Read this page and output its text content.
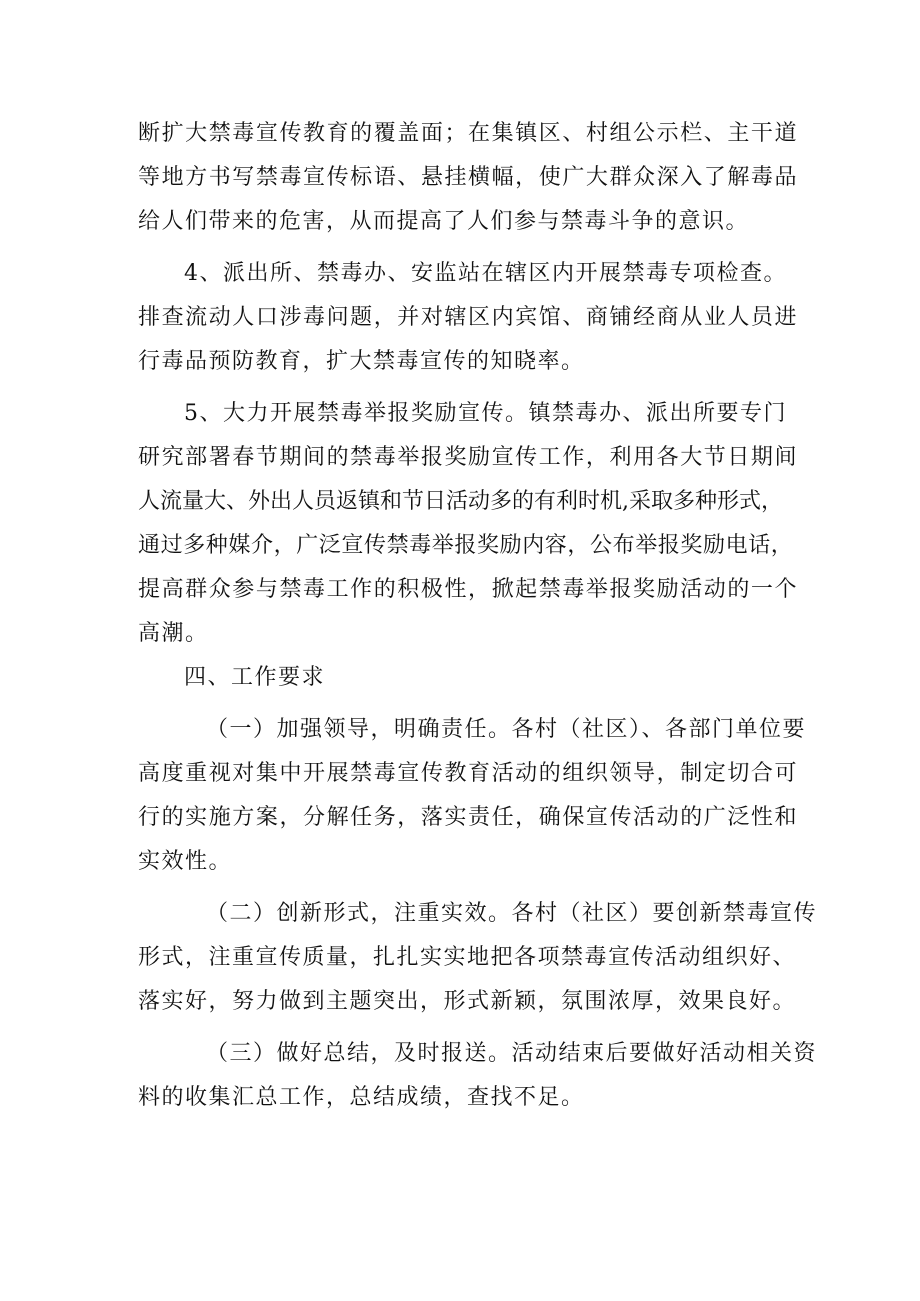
断扩大禁毒宣传教育的覆盖面；在集镇区、村组公示栏、主干道
等地方书写禁毒宣传标语、悬挂横幅，使广大群众深入了解毒品
给人们带来的危害，从而提高了人们参与禁毒斗争的意识。
4、派出所、禁毒办、安监站在辖区内开展禁毒专项检查。
排查流动人口涉毒问题，并对辖区内宾馆、商铺经商从业人员进
行毒品预防教育，扩大禁毒宣传的知晓率。
5、大力开展禁毒举报奖励宣传。镇禁毒办、派出所要专门
研究部署春节期间的禁毒举报奖励宣传工作，利用各大节日期间
人流量大、外出人员返镇和节日活动多的有利时机,采取多种形式，
通过多种媒介，广泛宣传禁毒举报奖励内容，公布举报奖励电话，
提高群众参与禁毒工作的积极性，掀起禁毒举报奖励活动的一个
高潮。
四、工作要求
（一）加强领导，明确责任。各村（社区）、各部门单位要
高度重视对集中开展禁毒宣传教育活动的组织领导，制定切合可
行的实施方案，分解任务，落实责任，确保宣传活动的广泛性和
实效性。
（二）创新形式，注重实效。各村（社区）要创新禁毒宣传
形式，注重宣传质量，扎扎实实地把各项禁毒宣传活动组织好、
落实好，努力做到主题突出，形式新颖，氛围浓厚，效果良好。
（三）做好总结，及时报送。活动结束后要做好活动相关资
料的收集汇总工作，总结成绩，查找不足。
